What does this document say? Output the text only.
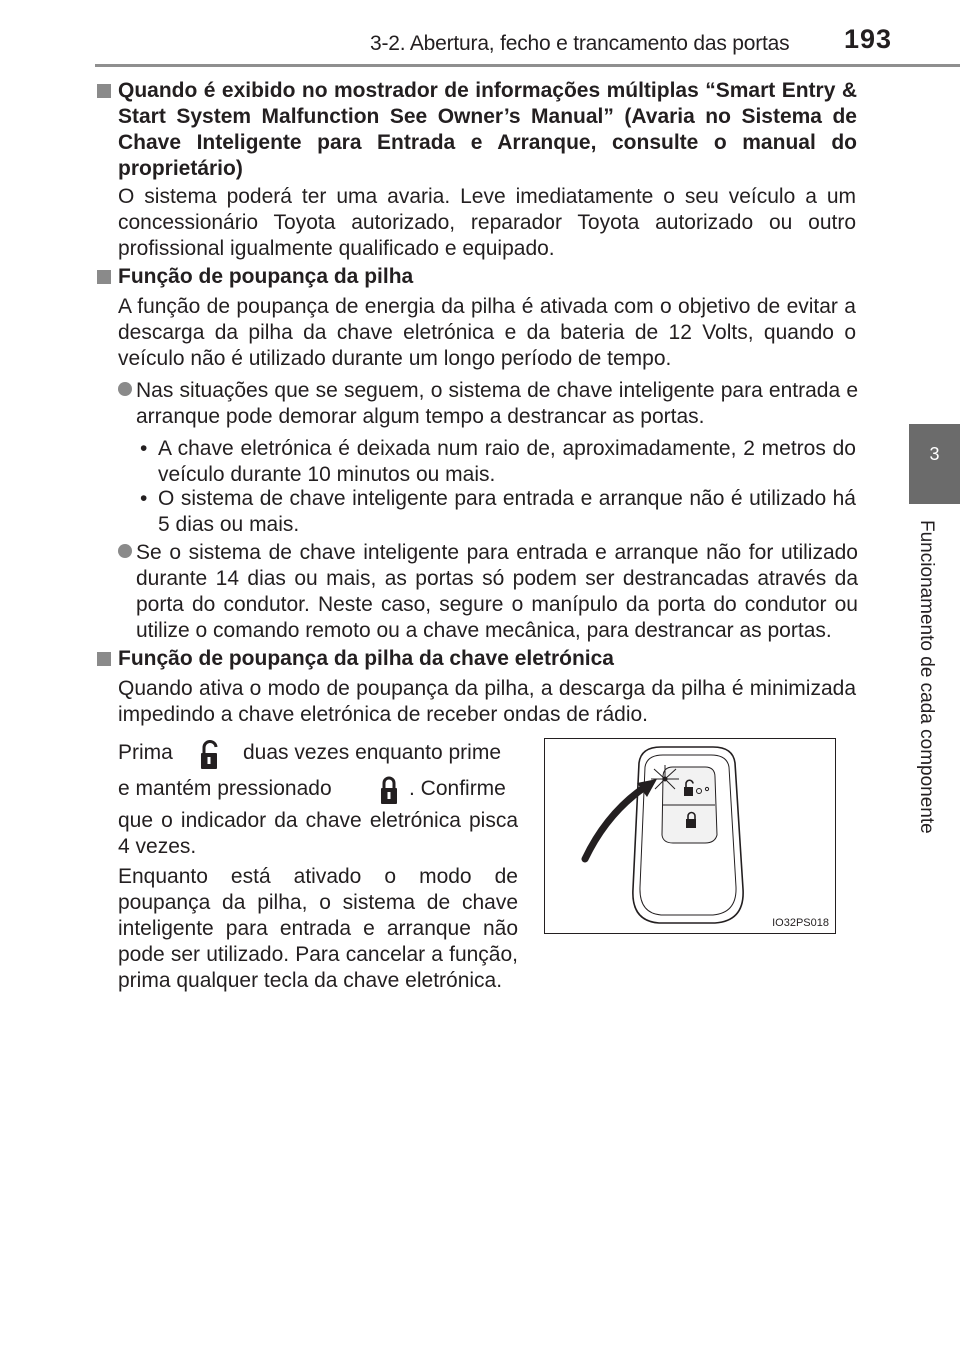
3-2. Abertura, fecho e trancamento das portas 193
3
Funcionamento de cada componente
Quando é exibido no mostrador de informações múltiplas “Smart Entry & Start System Malfunction See Owner’s Manual” (Avaria no Sistema de Chave Inteligente para Entrada e Arranque, consulte o manual do proprietário)
O sistema poderá ter uma avaria. Leve imediatamente o seu veículo a um concessionário Toyota autorizado, reparador Toyota autorizado ou outro profissional igualmente qualificado e equipado.
Função de poupança da pilha
A função de poupança de energia da pilha é ativada com o objetivo de evitar a descarga da pilha da chave eletrónica e da bateria de 12 Volts, quando o veículo não é utilizado durante um longo período de tempo.
Nas situações que se seguem, o sistema de chave inteligente para entrada e arranque pode demorar algum tempo a destrancar as portas.
• A chave eletrónica é deixada num raio de, aproximadamente, 2 metros do veículo durante 10 minutos ou mais.
• O sistema de chave inteligente para entrada e arranque não é utilizado há 5 dias ou mais.
Se o sistema de chave inteligente para entrada e arranque não for utilizado durante 14 dias ou mais, as portas só podem ser destrancadas através da porta do condutor. Neste caso, segure o manípulo da porta do condutor ou utilize o comando remoto ou a chave mecânica, para destrancar as portas.
Função de poupança da pilha da chave eletrónica
Quando ativa o modo de poupança da pilha, a descarga da pilha é minimizada impedindo a chave eletrónica de receber ondas de rádio.
Prima	duas vezes enquanto prime
e mantém pressionado	. Confirme
que o indicador da chave eletrónica pisca 4 vezes.
Enquanto está ativado o modo de poupança da pilha, o sistema de chave inteligente para entrada e arranque não pode ser utilizado. Para cancelar a função, prima qualquer tecla da chave eletrónica.
IO32PS018
